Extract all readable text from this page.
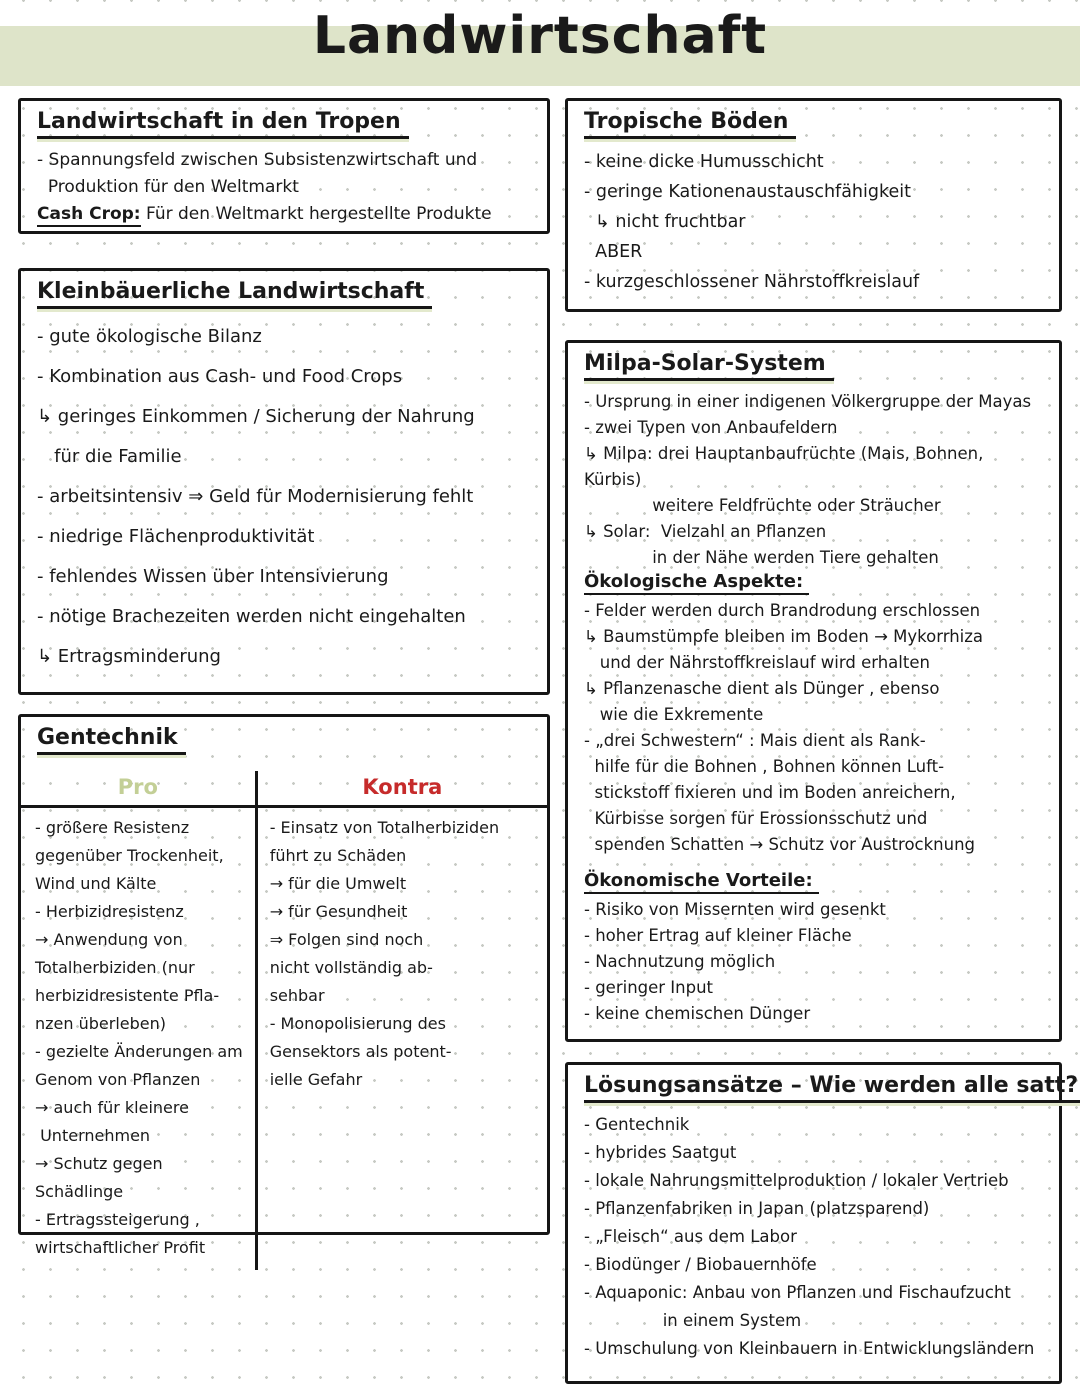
Landwirtschaft
Landwirtschaft in den Tropen
- Spannungsfeld zwischen Subsistenzwirtschaft und
Produktion für den Weltmarkt
Cash Crop: Für den Weltmarkt hergestellte Produkte
Kleinbäuerliche Landwirtschaft
- gute ökologische Bilanz
- Kombination aus Cash- und Food Crops
↳ geringes Einkommen / Sicherung der Nahrung
für die Familie
- arbeitsintensiv ⇒ Geld für Modernisierung fehlt
- niedrige Flächenproduktivität
- fehlendes Wissen über Intensivierung
- nötige Brachezeiten werden nicht eingehalten
↳ Ertragsminderung
Gentechnik
Pro	Kontra
- größere Resistenz
gegenüber Trockenheit,
Wind und Kälte
- Herbizidresistenz
→ Anwendung von
Totalherbiziden (nur
herbizidresistente Pfla-
nzen überleben)
- gezielte Änderungen am
Genom von Pflanzen
→ auch für kleinere
Unternehmen
→ Schutz gegen Schädlinge
- Ertragssteigerung ,
wirtschaftlicher Profit
- Einsatz von Totalherbiziden
führt zu Schäden
→ für die Umwelt
→ für Gesundheit
⇒ Folgen sind noch
nicht vollständig ab-
sehbar
- Monopolisierung des
Gensektors als potent-
ielle Gefahr
Tropische Böden
- keine dicke Humusschicht
- geringe Kationenaustauschfähigkeit
↳ nicht fruchtbar
ABER
- kurzgeschlossener Nährstoffkreislauf
Milpa-Solar-System
- Ursprung in einer indigenen Völkergruppe der Mayas
- zwei Typen von Anbaufeldern
↳ Milpa: drei Hauptanbaufrüchte (Mais, Bohnen, Kürbis)
weitere Feldfrüchte oder Sträucher
↳ Solar:  Vielzahl an Pflanzen
in der Nähe werden Tiere gehalten
Ökologische Aspekte:
- Felder werden durch Brandrodung erschlossen
↳ Baumstümpfe bleiben im Boden → Mykorrhiza
und der Nährstoffkreislauf wird erhalten
↳ Pflanzenasche dient als Dünger , ebenso
wie die Exkremente
- „drei Schwestern“ : Mais dient als Rank-
hilfe für die Bohnen , Bohnen können Luft-
stickstoff fixieren und im Boden anreichern,
Kürbisse sorgen für Erossionsschutz und
spenden Schatten → Schutz vor Austrocknung
Ökonomische Vorteile:
- Risiko von Missernten wird gesenkt
- hoher Ertrag auf kleiner Fläche
- Nachnutzung möglich
- geringer Input
- keine chemischen Dünger
Lösungsansätze – Wie werden alle satt?
- Gentechnik
- hybrides Saatgut
- lokale Nahrungsmittelproduktion / lokaler Vertrieb
- Pflanzenfabriken in Japan (platzsparend)
- „Fleisch“ aus dem Labor
- Biodünger / Biobauernhöfe
- Aquaponic: Anbau von Pflanzen und Fischaufzucht
in einem System
- Umschulung von Kleinbauern in Entwicklungsländern
